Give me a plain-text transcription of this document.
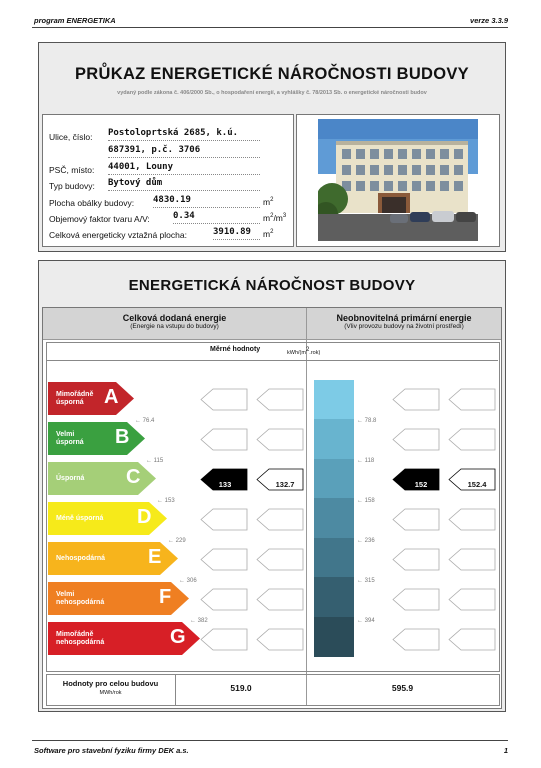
program ENERGETIKA	verze 3.3.9
PRŮKAZ ENERGETICKÉ NÁROČNOSTI BUDOVY
vydaný podle zákona č. 406/2000 Sb., o hospodaření energií, a vyhlášky č. 78/2013 Sb. o energetické náročnosti budov
Ulice, číslo: Postoloprtská 2685, k.ú.
687391, p.č. 3706
PSČ, místo: 44001, Louny
Typ budovy: Bytový dům
Plocha obálky budovy: 4830.19	$m^2$
Objemový faktor tvaru A/V:	0.34	$m^2/m^3$
Celková energeticky vztažná plocha:	3910.89 $m^2$
ENERGETICKÁ NÁROČNOST BUDOVY
Celková dodaná energie
(Energie na vstupu do budovy)
Neobnovitelná primární energie
(Vliv provozu budovy na životní prostředí)
Měrné hodnoty	kWh/(m2.rok)
Mimořádně
úsporná	A
Velmi
úsporná B
Úsporná C
Méně úsporná D
Nehospodárná E
Velmi
nehospodárná	F
Mimořádně
nehospodárná	G
← 76.4
← 115
← 153
← 229
← 306
← 382
← 78.8
← 118
← 158
← 236
← 315
← 394
133	132.7	152	152.4
Hodnoty pro celou budovu
MWh/rok	519.0	595.9
Software pro stavební fyziku firmy DEK a.s.	1
